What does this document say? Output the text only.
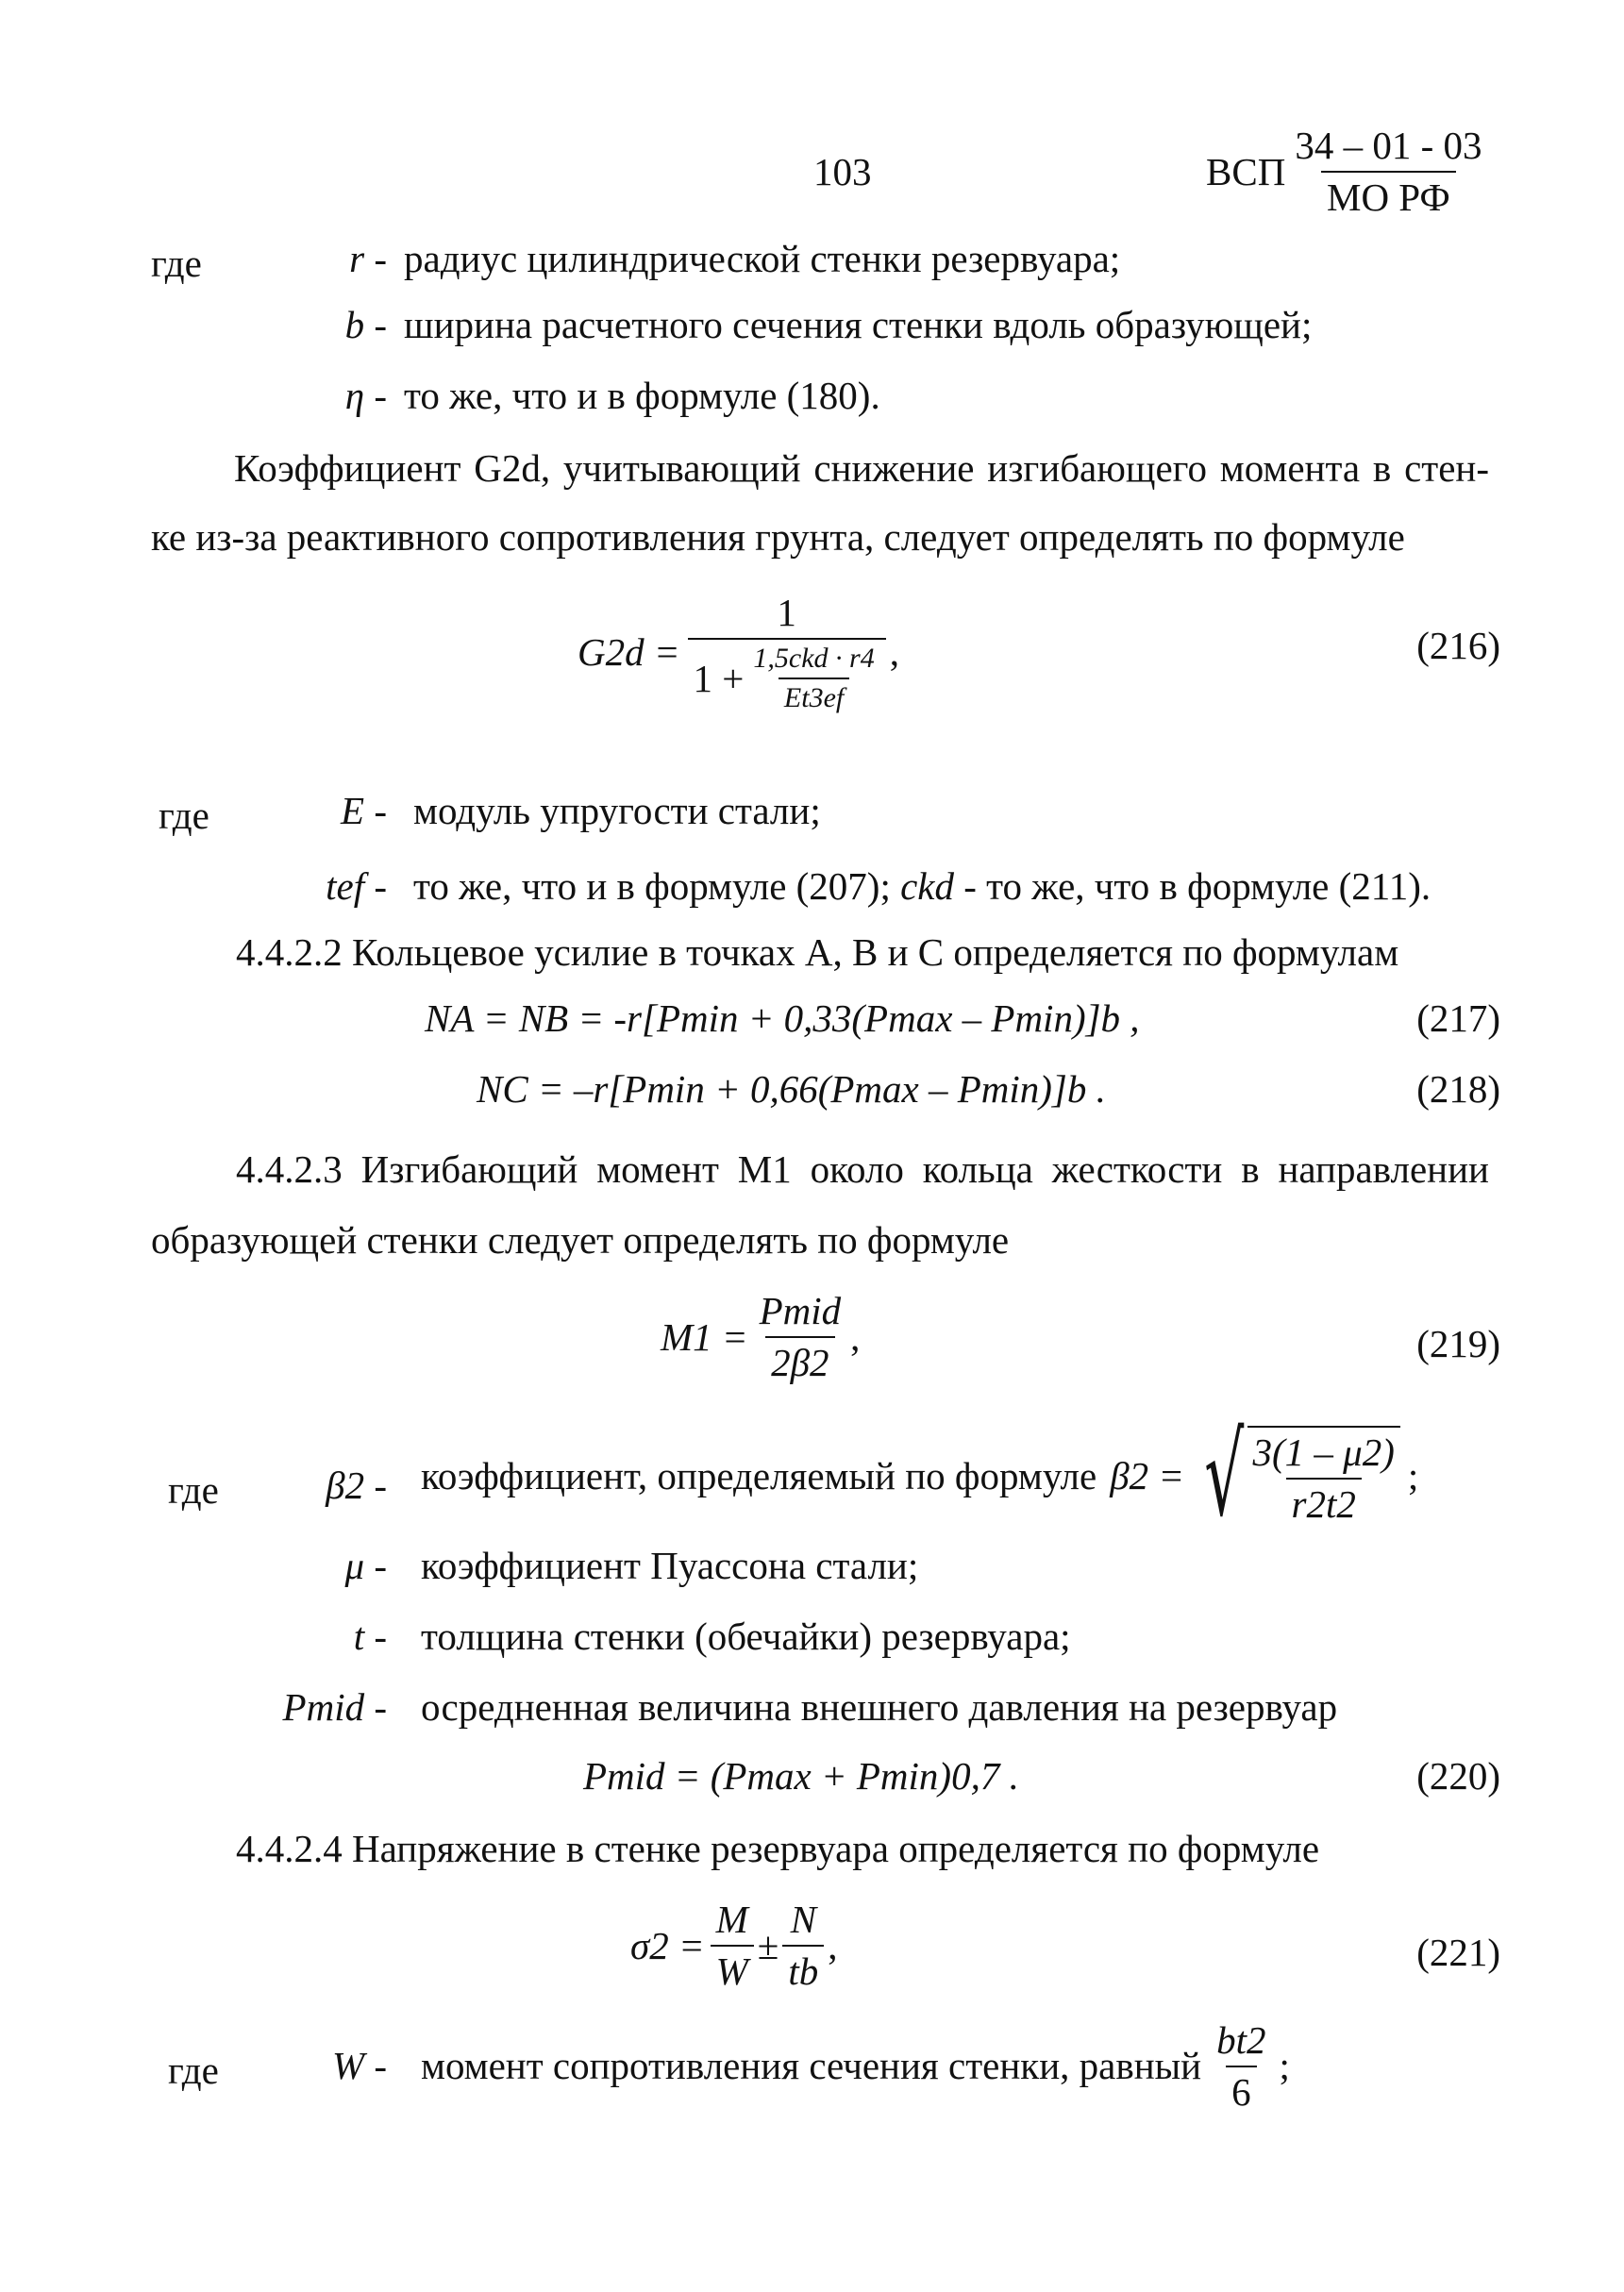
103	ВСП $\frac{34 - 01 - 03}{\text{МО РФ}}$
где	r - радиус цилиндрической стенки резервуара;
b - ширина расчетного сечения стенки вдоль образующей;
η - то же, что и в формуле (180).
Коэффициент G2d, учитывающий снижение изгибающего момента в стен-
ке из-за реактивного сопротивления грунта, следует определять по формуле
$G2d = \frac{1}{1 + \frac{\text{1,5ckd · r4}}{Et3ef}}$ ,	(216)
где	E - модуль упругости стали;
tef - то же, что и в формуле (207); ckd - то же, что в формуле (211).
4.4.2.2 Кольцевое усилие в точках А, В и С определяется по формулам
NA = NB = -r[Pmin + 0,33(Pmax – Pmin)]b ,	(217)
NC = –r[Pmin + 0,66(Pmax – Pmin)]b .	(218)
4.4.2.3 Изгибающий момент M1 около кольца жесткости в направлении
образующей стенки следует определять по формуле
$M1 = \frac{\text{Pmid}}{2\beta 2}$ ,	(219)
где	β2 - коэффициент, определяемый по формуле β2 = √ $\frac{3(1 - \mu 2)}{r2t2}$ ;
μ - коэффициент Пуассона стали;
t - толщина стенки (обечайки) резервуара;
Pmid - осредненная величина внешнего давления на резервуар
Pmid = (Pmax + Pmin)0,7 .	(220)
4.4.2.4 Напряжение в стенке резервуара определяется по формуле
$\sigma 2 = \frac{M}{W} \pm \frac{N}{tb}$ ,	(221)
где	W - момент сопротивления сечения стенки, равный $\frac{bt2}{6}$ ;
